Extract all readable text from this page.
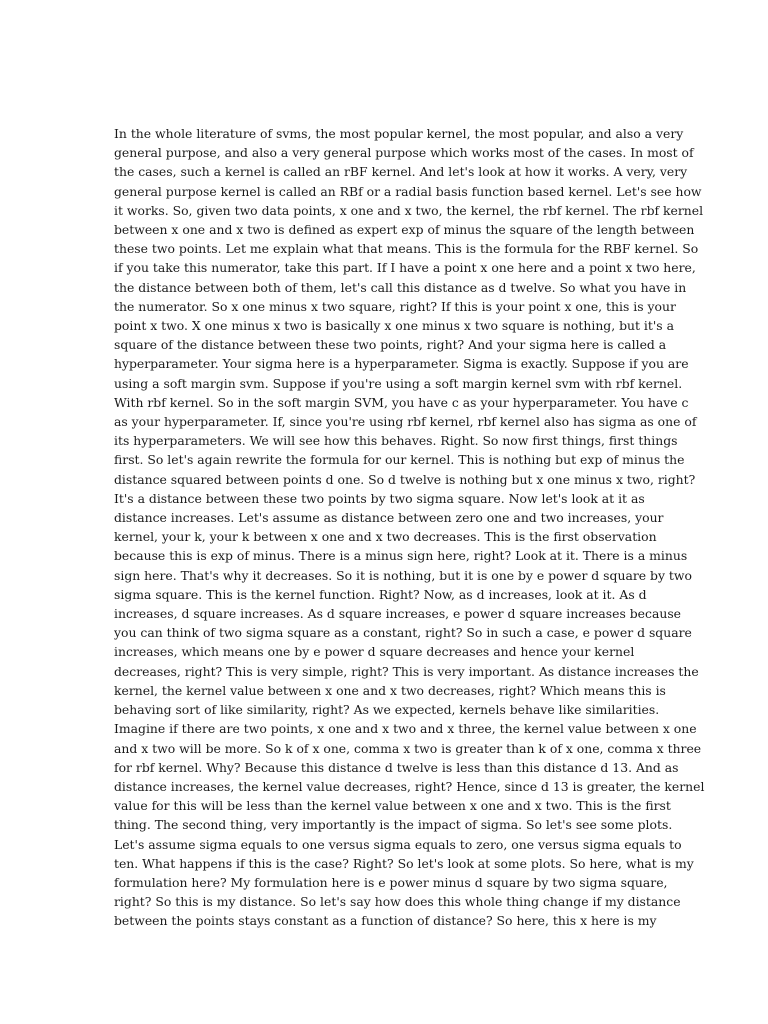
In the whole literature of svms, the most popular kernel, the most popular, and also a very
general purpose, and also a very general purpose which works most of the cases. In most of
the cases, such a kernel is called an rBF kernel. And let's look at how it works. A very, very
general purpose kernel is called an RBf or a radial basis function based kernel. Let's see how
it works. So, given two data points, x one and x two, the kernel, the rbf kernel. The rbf kernel
between x one and x two is defined as expert exp of minus the square of the length between
these two points. Let me explain what that means. This is the formula for the RBF kernel. So
if you take this numerator, take this part. If I have a point x one here and a point x two here,
the distance between both of them, let's call this distance as d twelve. So what you have in
the numerator. So x one minus x two square, right? If this is your point x one, this is your
point x two. X one minus x two is basically x one minus x two square is nothing, but it's a
square of the distance between these two points, right? And your sigma here is called a
hyperparameter. Your sigma here is a hyperparameter. Sigma is exactly. Suppose if you are
using a soft margin svm. Suppose if you're using a soft margin kernel svm with rbf kernel.
With rbf kernel. So in the soft margin SVM, you have c as your hyperparameter. You have c
as your hyperparameter. If, since you're using rbf kernel, rbf kernel also has sigma as one of
its hyperparameters. We will see how this behaves. Right. So now first things, first things
first. So let's again rewrite the formula for our kernel. This is nothing but exp of minus the
distance squared between points d one. So d twelve is nothing but x one minus x two, right?
It's a distance between these two points by two sigma square. Now let's look at it as
distance increases. Let's assume as distance between zero one and two increases, your
kernel, your k, your k between x one and x two decreases. This is the first observation
because this is exp of minus. There is a minus sign here, right? Look at it. There is a minus
sign here. That's why it decreases. So it is nothing, but it is one by e power d square by two
sigma square. This is the kernel function. Right? Now, as d increases, look at it. As d
increases, d square increases. As d square increases, e power d square increases because
you can think of two sigma square as a constant, right? So in such a case, e power d square
increases, which means one by e power d square decreases and hence your kernel
decreases, right? This is very simple, right? This is very important. As distance increases the
kernel, the kernel value between x one and x two decreases, right? Which means this is
behaving sort of like similarity, right? As we expected, kernels behave like similarities.
Imagine if there are two points, x one and x two and x three, the kernel value between x one
and x two will be more. So k of x one, comma x two is greater than k of x one, comma x three
for rbf kernel. Why? Because this distance d twelve is less than this distance d 13. And as
distance increases, the kernel value decreases, right? Hence, since d 13 is greater, the kernel
value for this will be less than the kernel value between x one and x two. This is the first
thing. The second thing, very importantly is the impact of sigma. So let's see some plots.
Let's assume sigma equals to one versus sigma equals to zero, one versus sigma equals to
ten. What happens if this is the case? Right? So let's look at some plots. So here, what is my
formulation here? My formulation here is e power minus d square by two sigma square,
right? So this is my distance. So let's say how does this whole thing change if my distance
between the points stays constant as a function of distance? So here, this x here is my
